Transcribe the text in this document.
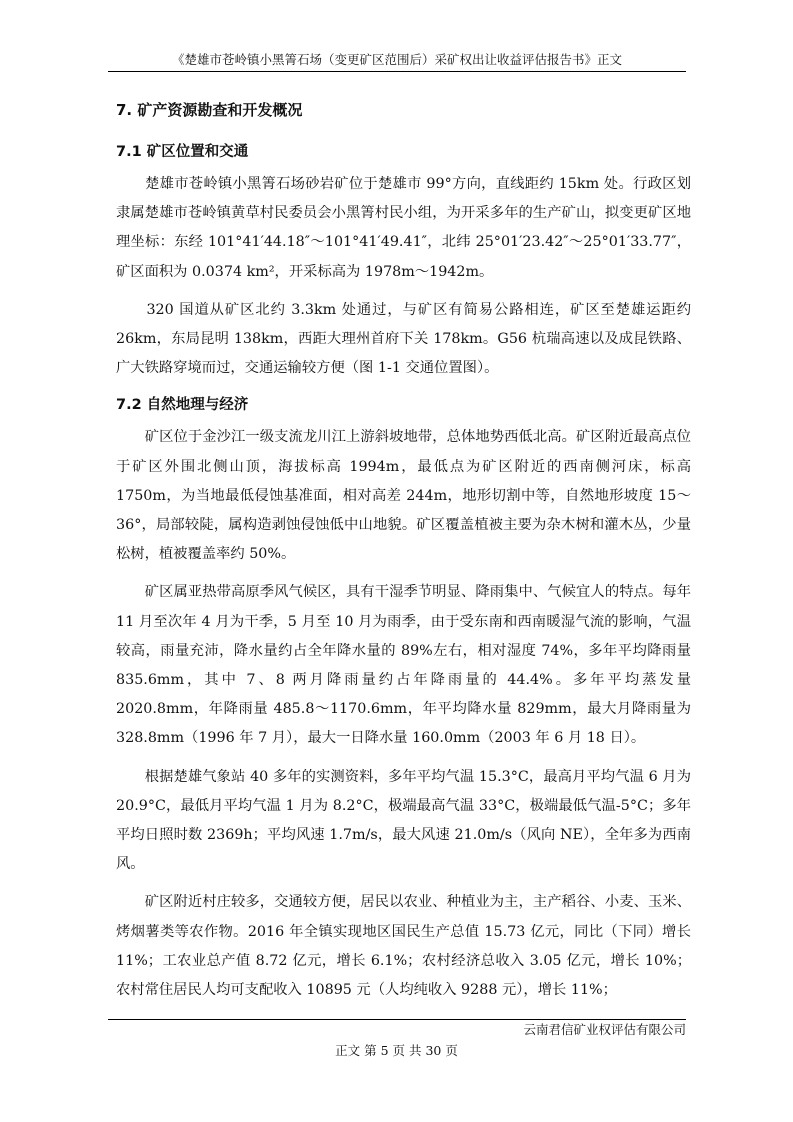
《楚雄市苍岭镇小黑箐石场（变更矿区范围后）采矿权出让收益评估报告书》正文
7. 矿产资源勘查和开发概况
7.1 矿区位置和交通
　　楚雄市苍岭镇小黑箐石场砂岩矿位于楚雄市 99°方向，直线距约 15km 处。行政区划隶属楚雄市苍岭镇黄草村民委员会小黑箐村民小组，为开采多年的生产矿山，拟变更矿区地理坐标：东经 101°41′44.18″～101°41′49.41″，北纬 25°01′23.42″～25°01′33.77″，矿区面积为 0.0374 km²，开采标高为 1978m～1942m。
　　320 国道从矿区北约 3.3km 处通过，与矿区有简易公路相连，矿区至楚雄运距约 26km，东局昆明 138km，西距大理州首府下关 178km。G56 杭瑞高速以及成昆铁路、广大铁路穿境而过，交通运输较方便（图 1-1 交通位置图）。
7.2 自然地理与经济
　　矿区位于金沙江一级支流龙川江上游斜坡地带，总体地势西低北高。矿区附近最高点位于矿区外围北侧山顶，海拔标高 1994m，最低点为矿区附近的西南侧河床，标高 1750m，为当地最低侵蚀基准面，相对高差 244m，地形切割中等，自然地形坡度 15～36°，局部较陡，属构造剥蚀侵蚀低中山地貌。矿区覆盖植被主要为杂木树和灌木丛，少量松树，植被覆盖率约 50%。
　　矿区属亚热带高原季风气候区，具有干湿季节明显、降雨集中、气候宜人的特点。每年 11 月至次年 4 月为干季，5 月至 10 月为雨季，由于受东南和西南暖湿气流的影响，气温较高，雨量充沛，降水量约占全年降水量的 89%左右，相对湿度 74%，多年平均降雨量 835.6mm，其中 7、8 两月降雨量约占年降雨量的 44.4%。多年平均蒸发量 2020.8mm，年降雨量 485.8～1170.6mm，年平均降水量 829mm，最大月降雨量为 328.8mm（1996 年 7 月），最大一日降水量 160.0mm（2003 年 6 月 18 日）。
　　根据楚雄气象站 40 多年的实测资料，多年平均气温 15.3°C，最高月平均气温 6 月为 20.9°C，最低月平均气温 1 月为 8.2°C，极端最高气温 33°C，极端最低气温-5°C；多年平均日照时数 2369h；平均风速 1.7m/s，最大风速 21.0m/s（风向 NE），全年多为西南风。
　　矿区附近村庄较多，交通较方便，居民以农业、种植业为主，主产稻谷、小麦、玉米、烤烟薯类等农作物。2016 年全镇实现地区国民生产总值 15.73 亿元，同比（下同）增长 11%；工农业总产值 8.72 亿元，增长 6.1%；农村经济总收入 3.05 亿元，增长 10%；农村常住居民人均可支配收入 10895 元（人均纯收入 9288 元），增长 11%；
云南君信矿业权评估有限公司
正文 第 5 页 共 30 页
